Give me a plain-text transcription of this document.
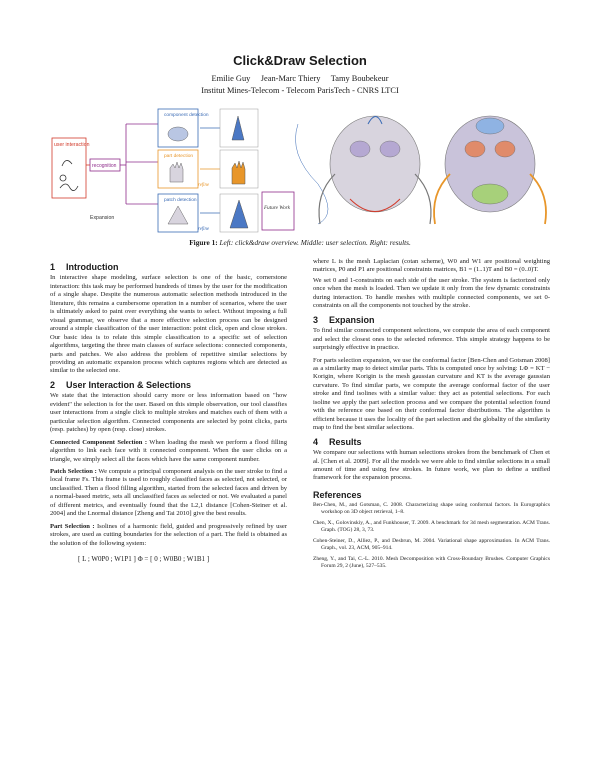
Click&Draw Selection
Emilie Guy     Jean-Marc Thiery     Tamy Boubekeur
Institut Mines-Telecom - Telecom ParisTech - CNRS LTCI
user interaction
recognition
component detection
part detection
patch detection
refine
refine
Future Work
Expansion
Figure 1: Left: click&draw overview. Middle: user selection. Right: results.
1 Introduction

In interactive shape modeling, surface selection is one of the basic, cornerstone interaction: this task may be performed hundreds of times by the user for the modification of a single shape. Despite the numerous automatic selection methods introduced in the literature, this remains a cumbersome operation in a number of scenarios, where the user is ultimately asked to paint over everything she wants to select. Without imposing a full visual grammar, we observe that a more effective selection process can be designed around a simple classification of the user interaction: point click, open and close strokes. Our basic idea is to relate this simple classification to a specific set of selection algorithms, targeting the three main classes of surface selections: connected components, parts and patches. We also address the problem of repetitive similar selections by providing an automatic expansion process which captures regions which are detected as similar to the selected one.

2 User Interaction & Selections

We state that the interaction should carry more or less information based on "how evident" the selection is for the user. Based on this simple observation, our tool classifies user interactions from a single click to multiple strokes and matches each of them with a particular selection algorithm. Connected components are selected by point clicks, parts (resp. patches) by open (resp. close) strokes.

Connected Component Selection : When loading the mesh we perform a flood filling algorithm to link each face with it connected component. When the user clicks on a triangle, we simply select all the faces which have the same component number.

Patch Selection : We compute a principal component analysis on the user stroke to find a local frame Fs. This frame is used to roughly classified faces as selected, not selected, or unclassified. Then a flood filling algorithm, started from the selected faces and driven by a normal-based metric, sets all unclassified faces as selected or not. We evaluated a panel of different metrics, and eventually found that the L2,1 distance [Cohen-Steiner et al. 2004] and the Lnormal distance [Zheng and Tai 2010] give the best results.

Part Selection : Isolines of a harmonic field, guided and progressively refined by user strokes, are used as cutting boundaries for the selection of a part. The field is obtained as the solution of the following system:

[ L ; W0P0 ; W1P1 ] Φ = [ 0 ; W0B0 ; W1B1 ]

where L is the mesh Laplacian (cotan scheme), W0 and W1 are positional weighting matrices, P0 and P1 are positional constraints matrices, B1 = (1..1)T and B0 = (0..0)T.

We set 0 and 1-constraints on each side of the user stroke. The system is factorized only once when the mesh is loaded. Then we update it only from the few dynamic constraints during interaction. To handle meshes with multiple connected components, we set 0-constraints on all the components not touched by the stroke.

3 Expansion

To find similar connected component selections, we compute the area of each component and select the closest ones to the selected reference. This simple strategy happens to be surprisingly effective in practice.

For parts selection expansion, we use the conformal factor [Ben-Chen and Gotsman 2008] as a similarity map to detect similar parts. This is computed once by solving: LΦ = KT − Korigin, where Korigin is the mesh gaussian curvature and KT is the average gaussian curvature. To find similar parts, we compute the average conformal factor of the user stroke and find isolines with a similar value: they act as potential selections. For each isoline we apply the part selection process and we compare the potential selection found with the reference one based on their conformal factor distributions. The algorithm is efficient because it uses the locality of the part selection and the globality of the similarity map to find the best similar selections.

4 Results

We compare our selections with human selections strokes from the benchmark of Chen et al. [Chen et al. 2009]. For all the models we were able to find similar selections in a small amount of time and using few strokes. In future work, we plan to define a unified framework for the expansion process.

References
Ben-Chen, M., and Gotsman, C. 2008. Characterizing shape using conformal factors. In Eurographics workshop on 3D object retrieval, 1–8.
Chen, X., Golovinskiy, A., and Funkhouser, T. 2009. A benchmark for 3d mesh segmentation. ACM Trans. Graph. (TOG) 28, 3, 73.
Cohen-Steiner, D., Alliez, P., and Desbrun, M. 2004. Variational shape approximation. In ACM Trans. Graph., vol. 23, ACM, 905–914.
Zheng, Y., and Tai, C.-L. 2010. Mesh Decomposition with Cross-Boundary Brushes. Computer Graphics Forum 29, 2 (June), 527–535.
